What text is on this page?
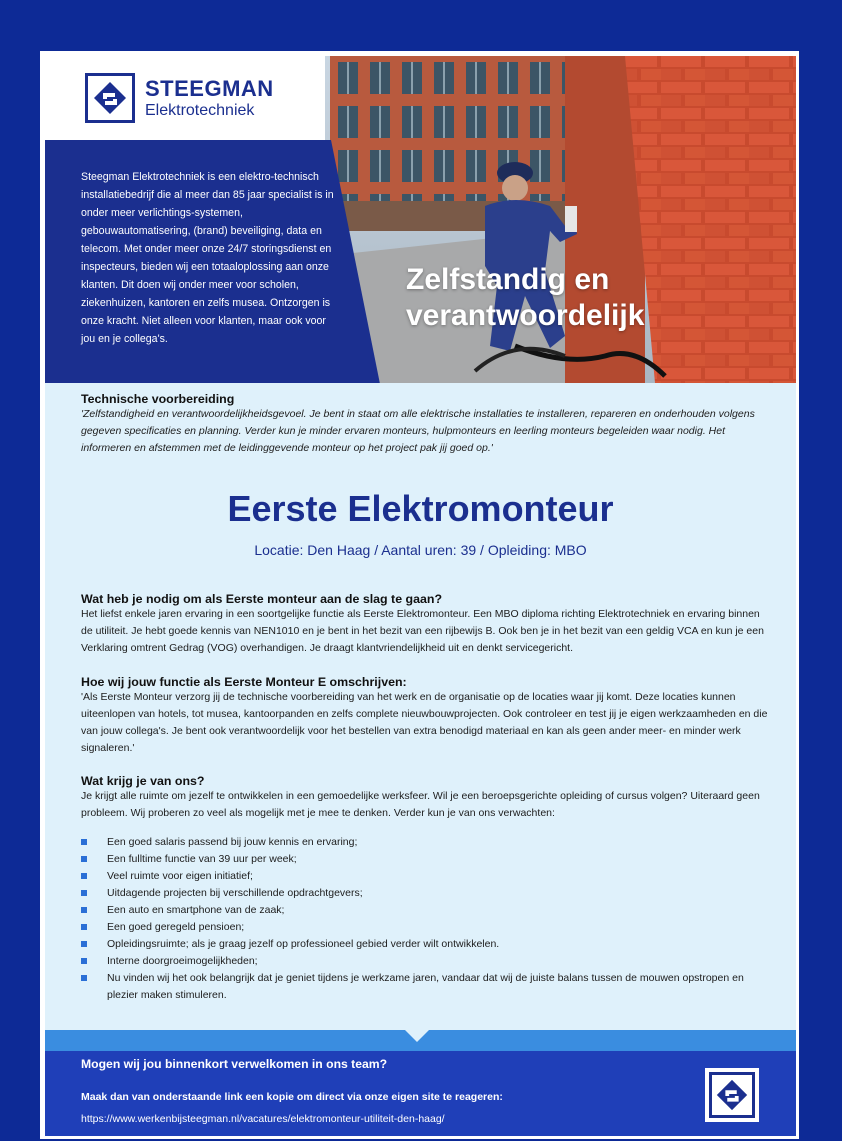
STEEGMAN
Elektrotechniek

Steegman Elektrotechniek is een elektro-technisch installatiebedrijf die al meer dan 85 jaar specialist is in onder meer verlichtings-systemen, gebouwautomatisering, (brand) beveiliging, data en telecom. Met onder meer onze 24/7 storingsdienst en inspecteurs, bieden wij een totaaloplossing aan onze klanten. Dit doen wij onder meer voor scholen, ziekenhuizen, kantoren en zelfs musea. Ontzorgen is onze kracht. Niet alleen voor klanten, maar ook voor jou en je collega's.

Zelfstandig en
verantwoordelijk
Technische voorbereiding

'Zelfstandigheid en verantwoordelijkheidsgevoel. Je bent in staat om alle elektrische installaties te installeren, repareren en onderhouden volgens gegeven specificaties en planning. Verder kun je minder ervaren monteurs, hulpmonteurs en leerling monteurs begeleiden waar nodig. Het informeren en afstemmen met de leidinggevende monteur op het project pak jij goed op.'

Eerste Elektromonteur
Locatie: Den Haag / Aantal uren: 39 / Opleiding: MBO
Wat heb je nodig om als Eerste monteur aan de slag te gaan?

Het liefst enkele jaren ervaring in een soortgelijke functie als Eerste Elektromonteur. Een MBO diploma richting Elektrotechniek en ervaring binnen de utiliteit. Je hebt goede kennis van NEN1010 en je bent in het bezit van een rijbewijs B. Ook ben je in het bezit van een geldig VCA en kun je een Verklaring omtrent Gedrag (VOG) overhandigen. Je draagt klantvriendelijkheid uit en denkt servicegericht.

Hoe wij jouw functie als Eerste Monteur E omschrijven:

'Als Eerste Monteur verzorg jij de technische voorbereiding van het werk en de organisatie op de locaties waar jij komt. Deze locaties kunnen uiteenlopen van hotels, tot musea, kantoorpanden en zelfs complete nieuwbouwprojecten. Ook controleer en test jij je eigen werkzaamheden en die van jouw collega's. Je bent ook verantwoordelijk voor het bestellen van extra benodigd materiaal en kan als geen ander meer- en minder werk signaleren.'

Wat krijg je van ons?

Je krijgt alle ruimte om jezelf te ontwikkelen in een gemoedelijke werksfeer. Wil je een beroepsgerichte opleiding of cursus volgen? Uiteraard geen probleem. Wij proberen zo veel als mogelijk met je mee te denken. Verder kun je van ons verwachten:

Een goed salaris passend bij jouw kennis en ervaring;
Een fulltime functie van 39 uur per week;
Veel ruimte voor eigen initiatief;
Uitdagende projecten bij verschillende opdrachtgevers;
Een auto en smartphone van de zaak;
Een goed geregeld pensioen;
Opleidingsruimte; als je graag jezelf op professioneel gebied verder wilt ontwikkelen.
Interne doorgroeimogelijkheden;
Nu vinden wij het ook belangrijk dat je geniet tijdens je werkzame jaren, vandaar dat wij de juiste balans tussen de mouwen opstropen en plezier maken stimuleren.
Mogen wij jou binnenkort verwelkomen in ons team?
Maak dan van onderstaande link een kopie om direct via onze eigen site te reageren:
https://www.werkenbijsteegman.nl/vacatures/elektromonteur-utiliteit-den-haag/
